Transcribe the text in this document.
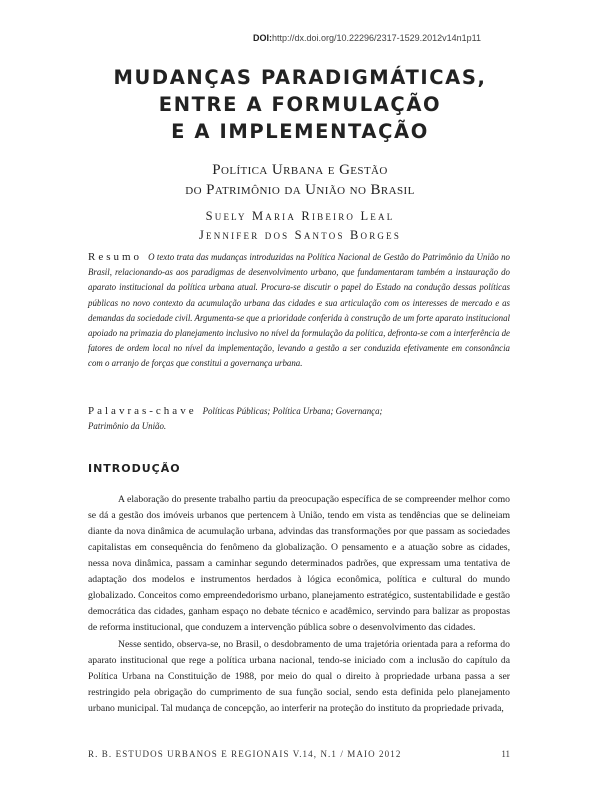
DOI:http://dx.doi.org/10.22296/2317-1529.2012v14n1p11
MUDANÇAS PARADIGMÁTICAS,
ENTRE A FORMULAÇÃO
E A IMPLEMENTAÇÃO
Política Urbana e Gestão
do Patrimônio da União no Brasil
Suely Maria Ribeiro Leal
Jennifer dos Santos Borges
Resumo O texto trata das mudanças introduzidas na Política Nacional de Gestão do Patrimônio da União no Brasil, relacionando-as aos paradigmas de desenvolvimento urbano, que fundamentaram também a instauração do aparato institucional da política urbana atual. Procura-se discutir o papel do Estado na condução dessas políticas públicas no novo contexto da acumulação urbana das cidades e sua articulação com os interesses de mercado e as demandas da sociedade civil. Argumenta-se que a prioridade conferida à construção de um forte aparato institucional apoiado na primazia do planejamento inclusivo no nível da formulação da política, defronta-se com a interferência de fatores de ordem local no nível da implementação, levando a gestão a ser conduzida efetivamente em consonância com o arranjo de forças que constitui a governança urbana.
Palavras-chave Políticas Públicas; Política Urbana; Governança; Patrimônio da União.
INTRODUÇÃO

A elaboração do presente trabalho partiu da preocupação específica de se compreender melhor como se dá a gestão dos imóveis urbanos que pertencem à União, tendo em vista as tendências que se delineiam diante da nova dinâmica de acumulação urbana, advindas das transformações por que passam as sociedades capitalistas em consequência do fenômeno da globalização. O pensamento e a atuação sobre as cidades, nessa nova dinâmica, passam a caminhar segundo determinados padrões, que expressam uma tentativa de adaptação dos modelos e instrumentos herdados à lógica econômica, política e cultural do mundo globalizado. Conceitos como empreendedorismo urbano, planejamento estratégico, sustentabilidade e gestão democrática das cidades, ganham espaço no debate técnico e acadêmico, servindo para balizar as propostas de reforma institucional, que conduzem a intervenção pública sobre o desenvolvimento das cidades.

Nesse sentido, observa-se, no Brasil, o desdobramento de uma trajetória orientada para a reforma do aparato institucional que rege a política urbana nacional, tendo-se iniciado com a inclusão do capítulo da Política Urbana na Constituição de 1988, por meio do qual o direito à propriedade urbana passa a ser restringido pela obrigação do cumprimento de sua função social, sendo esta definida pelo planejamento urbano municipal. Tal mudança de concepção, ao interferir na proteção do instituto da propriedade privada,

R. B. ESTUDOS URBANOS E REGIONAIS V.14, N.1 / MAIO 2012	11
